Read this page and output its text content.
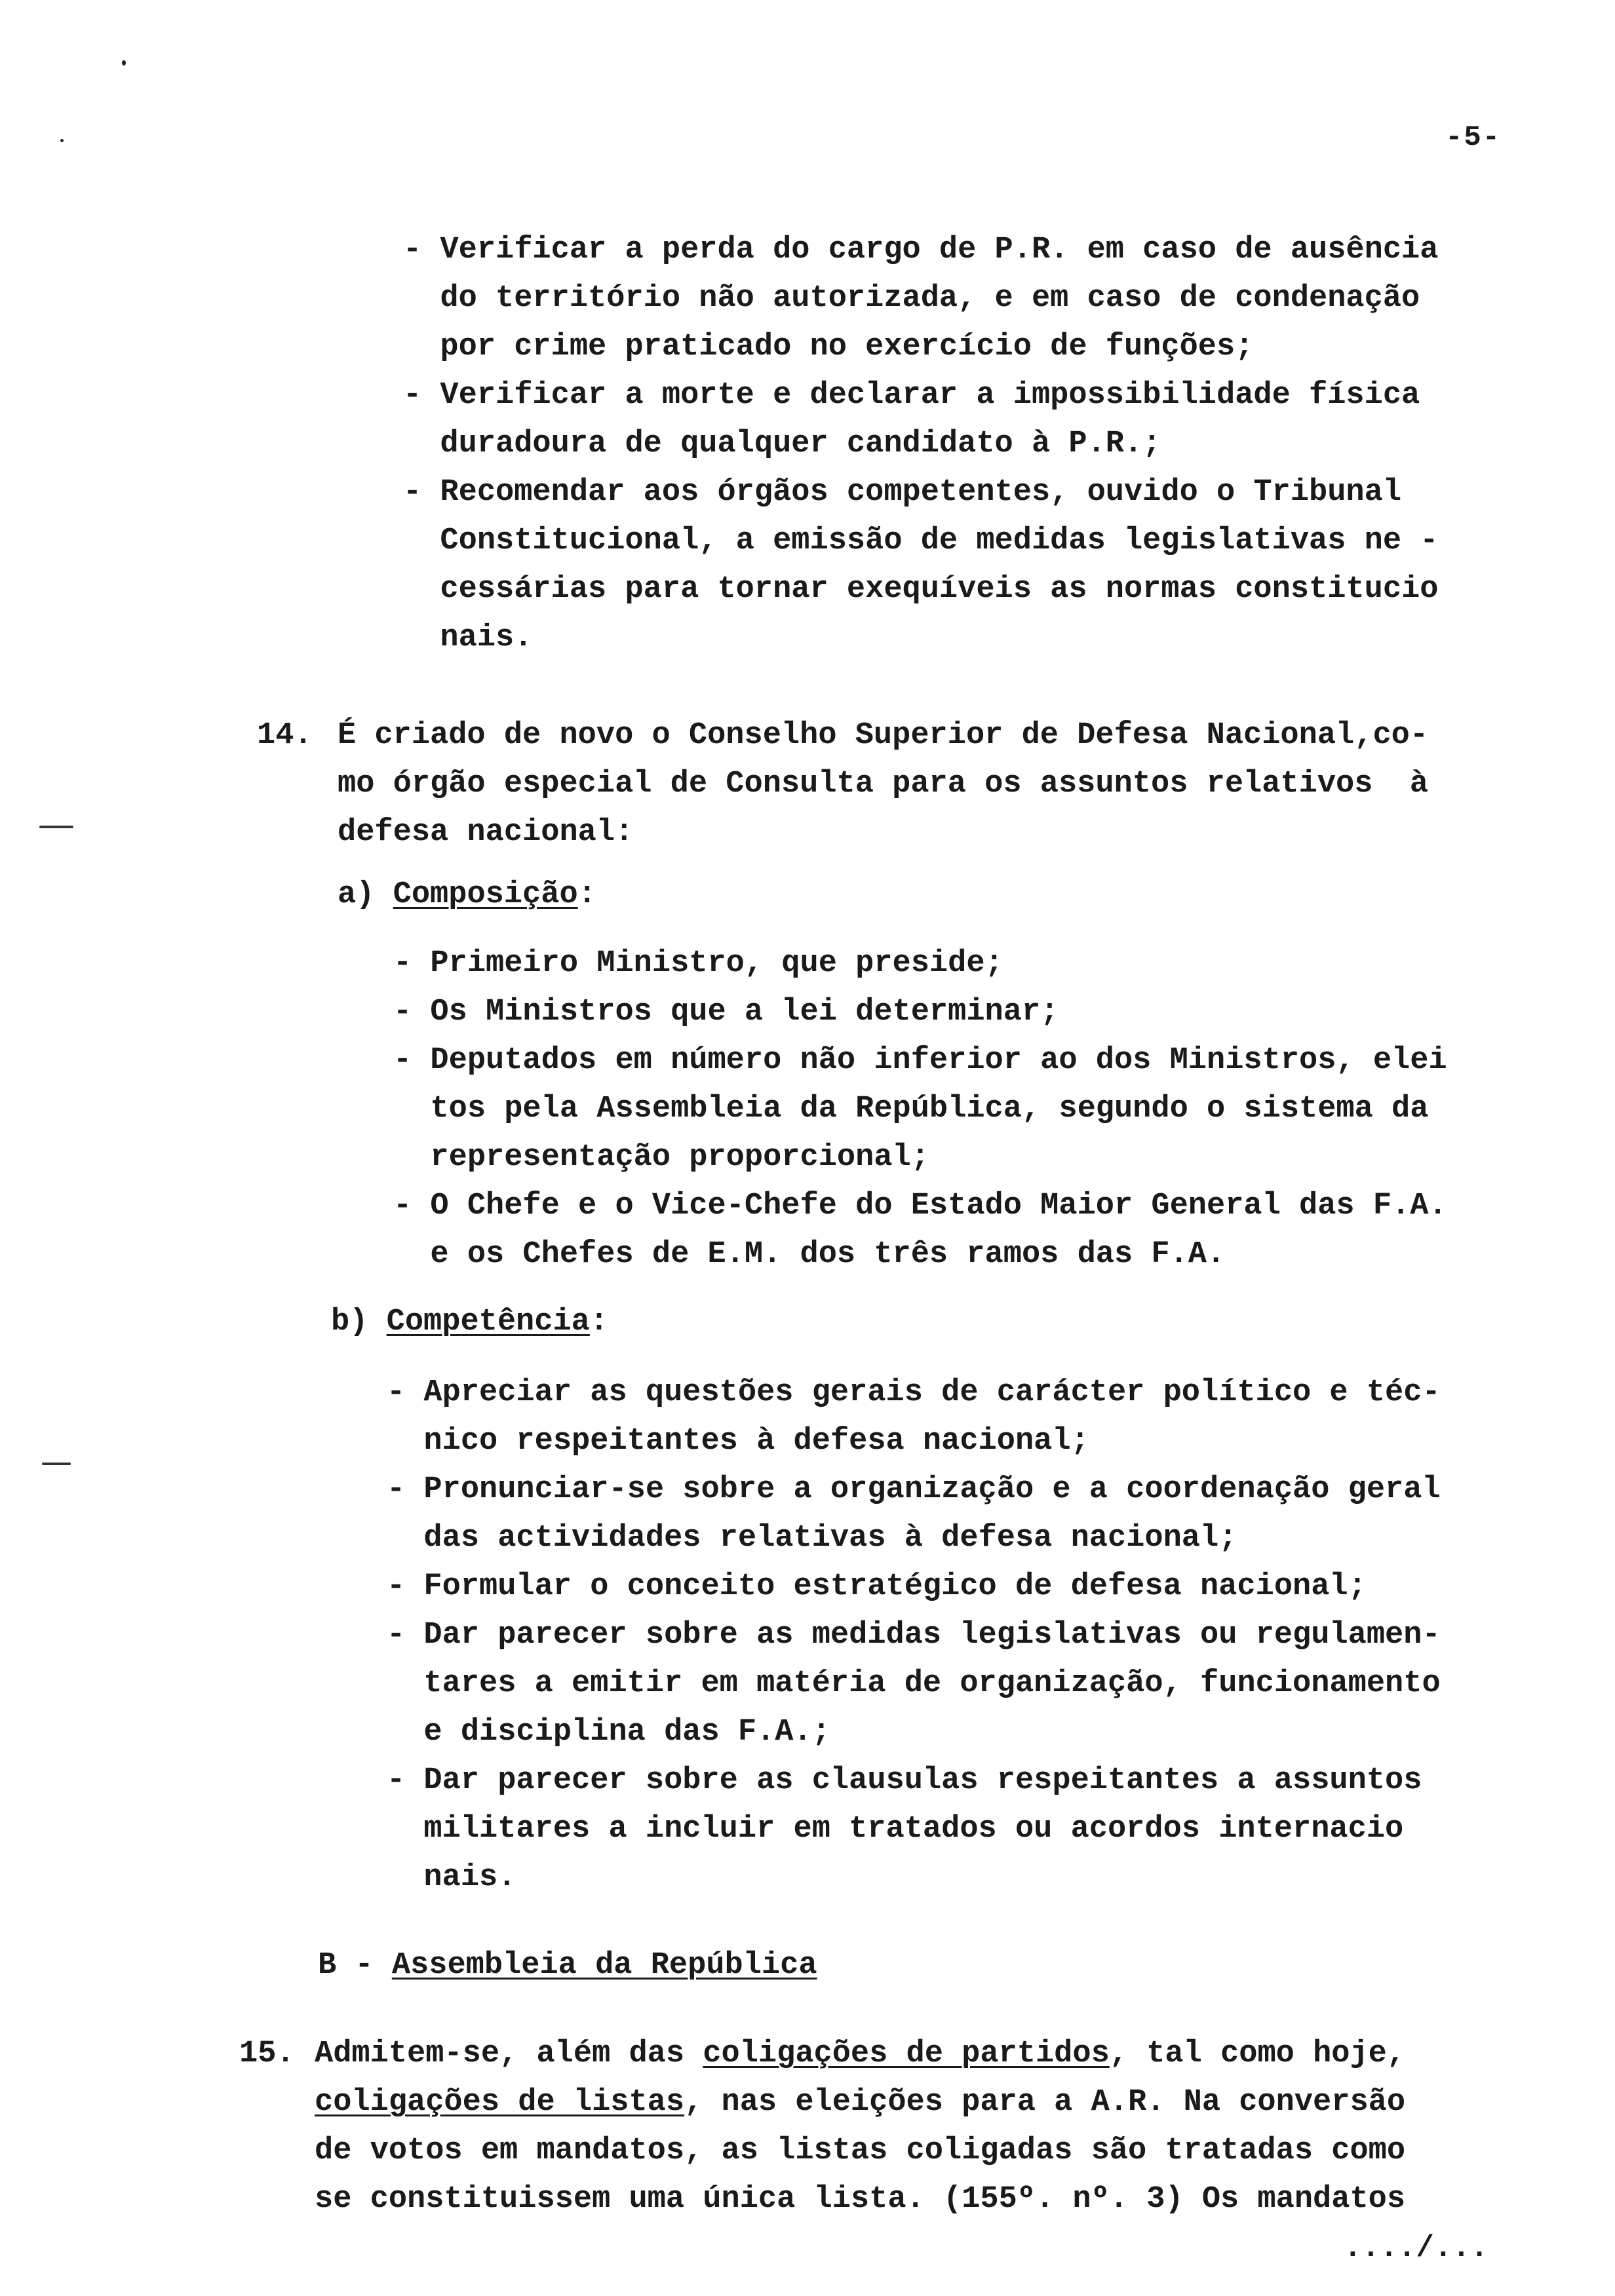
-5-
- Verificar a perda do cargo de P.R. em caso de ausência
do território não autorizada, e em caso de condenação
por crime praticado no exercício de funções;
- Verificar a morte e declarar a impossibilidade física
duradoura de qualquer candidato à P.R.;
- Recomendar aos órgãos competentes, ouvido o Tribunal
Constitucional, a emissão de medidas legislativas ne -
cessárias para tornar exequíveis as normas constitucio
nais.
14. É criado de novo o Conselho Superior de Defesa Nacional,co-
mo órgão especial de Consulta para os assuntos relativos  à
defesa nacional:
a) Composição:
- Primeiro Ministro, que preside;
- Os Ministros que a lei determinar;
- Deputados em número não inferior ao dos Ministros, elei
tos pela Assembleia da República, segundo o sistema da
representação proporcional;
- O Chefe e o Vice-Chefe do Estado Maior General das F.A.
e os Chefes de E.M. dos três ramos das F.A.
b) Competência:
- Apreciar as questões gerais de carácter político e téc-
nico respeitantes à defesa nacional;
- Pronunciar-se sobre a organização e a coordenação geral
das actividades relativas à defesa nacional;
- Formular o conceito estratégico de defesa nacional;
- Dar parecer sobre as medidas legislativas ou regulamen-
tares a emitir em matéria de organização, funcionamento
e disciplina das F.A.;
- Dar parecer sobre as clausulas respeitantes a assuntos
militares a incluir em tratados ou acordos internacio
nais.
B - Assembleia da República
15. Admitem-se, além das coligações de partidos, tal como hoje,
coligações de listas, nas eleições para a A.R. Na conversão
de votos em mandatos, as listas coligadas são tratadas como
se constituissem uma única lista. (155º. nº. 3) Os mandatos
..../...
